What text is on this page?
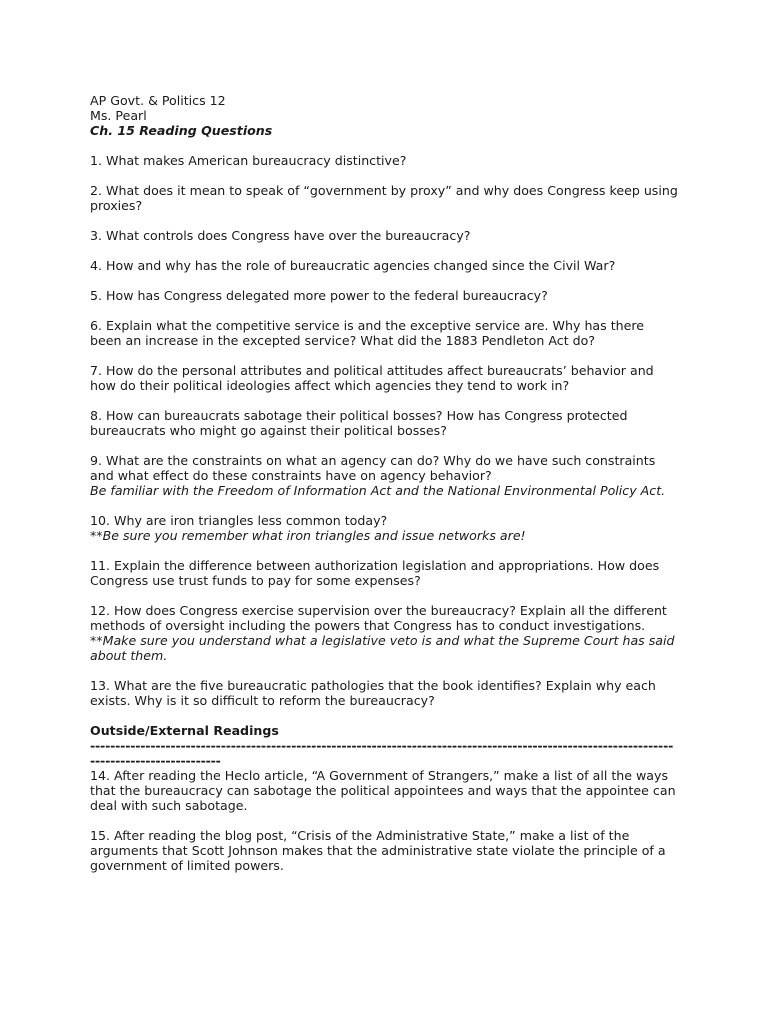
AP Govt. & Politics 12
Ms. Pearl
Ch. 15 Reading Questions
1. What makes American bureaucracy distinctive?
2. What does it mean to speak of “government by proxy” and why does Congress keep using
proxies?
3. What controls does Congress have over the bureaucracy?
4. How and why has the role of bureaucratic agencies changed since the Civil War?
5. How has Congress delegated more power to the federal bureaucracy?
6. Explain what the competitive service is and the exceptive service are. Why has there
been an increase in the excepted service? What did the 1883 Pendleton Act do?
7. How do the personal attributes and political attitudes affect bureaucrats’ behavior and
how do their political ideologies affect which agencies they tend to work in?
8. How can bureaucrats sabotage their political bosses? How has Congress protected
bureaucrats who might go against their political bosses?
9. What are the constraints on what an agency can do? Why do we have such constraints
and what effect do these constraints have on agency behavior?
Be familiar with the Freedom of Information Act and the National Environmental Policy Act.
10. Why are iron triangles less common today?
**Be sure you remember what iron triangles and issue networks are!
11. Explain the difference between authorization legislation and appropriations. How does
Congress use trust funds to pay for some expenses?
12. How does Congress exercise supervision over the bureaucracy? Explain all the different
methods of oversight including the powers that Congress has to conduct investigations.
**Make sure you understand what a legislative veto is and what the Supreme Court has said
about them.
13. What are the five bureaucratic pathologies that the book identifies? Explain why each
exists. Why is it so difficult to reform the bureaucracy?
Outside/External Readings
--------------------------------------------------------------------------------------------------------------------
--------------------------
14. After reading the Heclo article, “A Government of Strangers,” make a list of all the ways
that the bureaucracy can sabotage the political appointees and ways that the appointee can
deal with such sabotage.
15. After reading the blog post, “Crisis of the Administrative State,” make a list of the
arguments that Scott Johnson makes that the administrative state violate the principle of a
government of limited powers.
